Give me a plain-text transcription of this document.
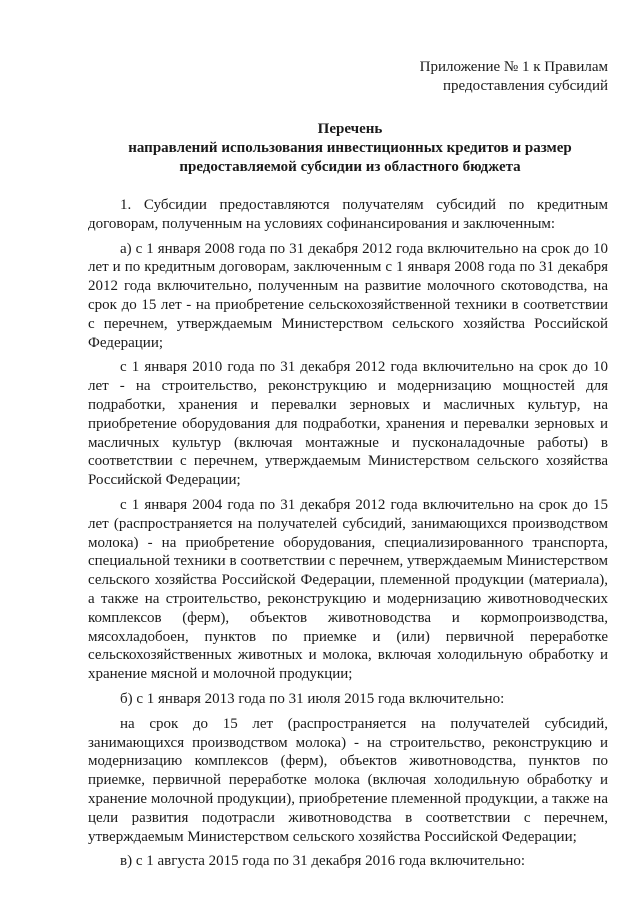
Приложение № 1 к Правилам
предоставления субсидий
Перечень
направлений использования инвестиционных кредитов и размер
предоставляемой субсидии из областного бюджета

1. Субсидии предоставляются получателям субсидий по кредитным договорам, полученным на условиях софинансирования и заключенным:

а) с 1 января 2008 года по 31 декабря 2012 года включительно на срок до 10 лет и по кредитным договорам, заключенным с 1 января 2008 года по 31 декабря 2012 года включительно, полученным на развитие молочного скотоводства, на срок до 15 лет - на приобретение сельскохозяйственной техники в соответствии с перечнем, утверждаемым Министерством сельского хозяйства Российской Федерации;

с 1 января 2010 года по 31 декабря 2012 года включительно на срок до 10 лет - на строительство, реконструкцию и модернизацию мощностей для подработки, хранения и перевалки зерновых и масличных культур, на приобретение оборудования для подработки, хранения и перевалки зерновых и масличных культур (включая монтажные и пусконаладочные работы) в соответствии с перечнем, утверждаемым Министерством сельского хозяйства Российской Федерации;

с 1 января 2004 года по 31 декабря 2012 года включительно на срок до 15 лет (распространяется на получателей субсидий, занимающихся производством молока) - на приобретение оборудования, специализированного транспорта, специальной техники в соответствии с перечнем, утверждаемым Министерством сельского хозяйства Российской Федерации, племенной продукции (материала), а также на строительство, реконструкцию и модернизацию животноводческих комплексов (ферм), объектов животноводства и кормопроизводства, мясохладобоен, пунктов по приемке и (или) первичной переработке сельскохозяйственных животных и молока, включая холодильную обработку и хранение мясной и молочной продукции;

б) с 1 января 2013 года по 31 июля 2015 года включительно:

на срок до 15 лет (распространяется на получателей субсидий, занимающихся производством молока) - на строительство, реконструкцию и модернизацию комплексов (ферм), объектов животноводства, пунктов по приемке, первичной переработке молока (включая холодильную обработку и хранение молочной продукции), приобретение племенной продукции, а также на цели развития подотрасли животноводства в соответствии с перечнем, утверждаемым Министерством сельского хозяйства Российской Федерации;

в) с 1 августа 2015 года по 31 декабря 2016 года включительно:
